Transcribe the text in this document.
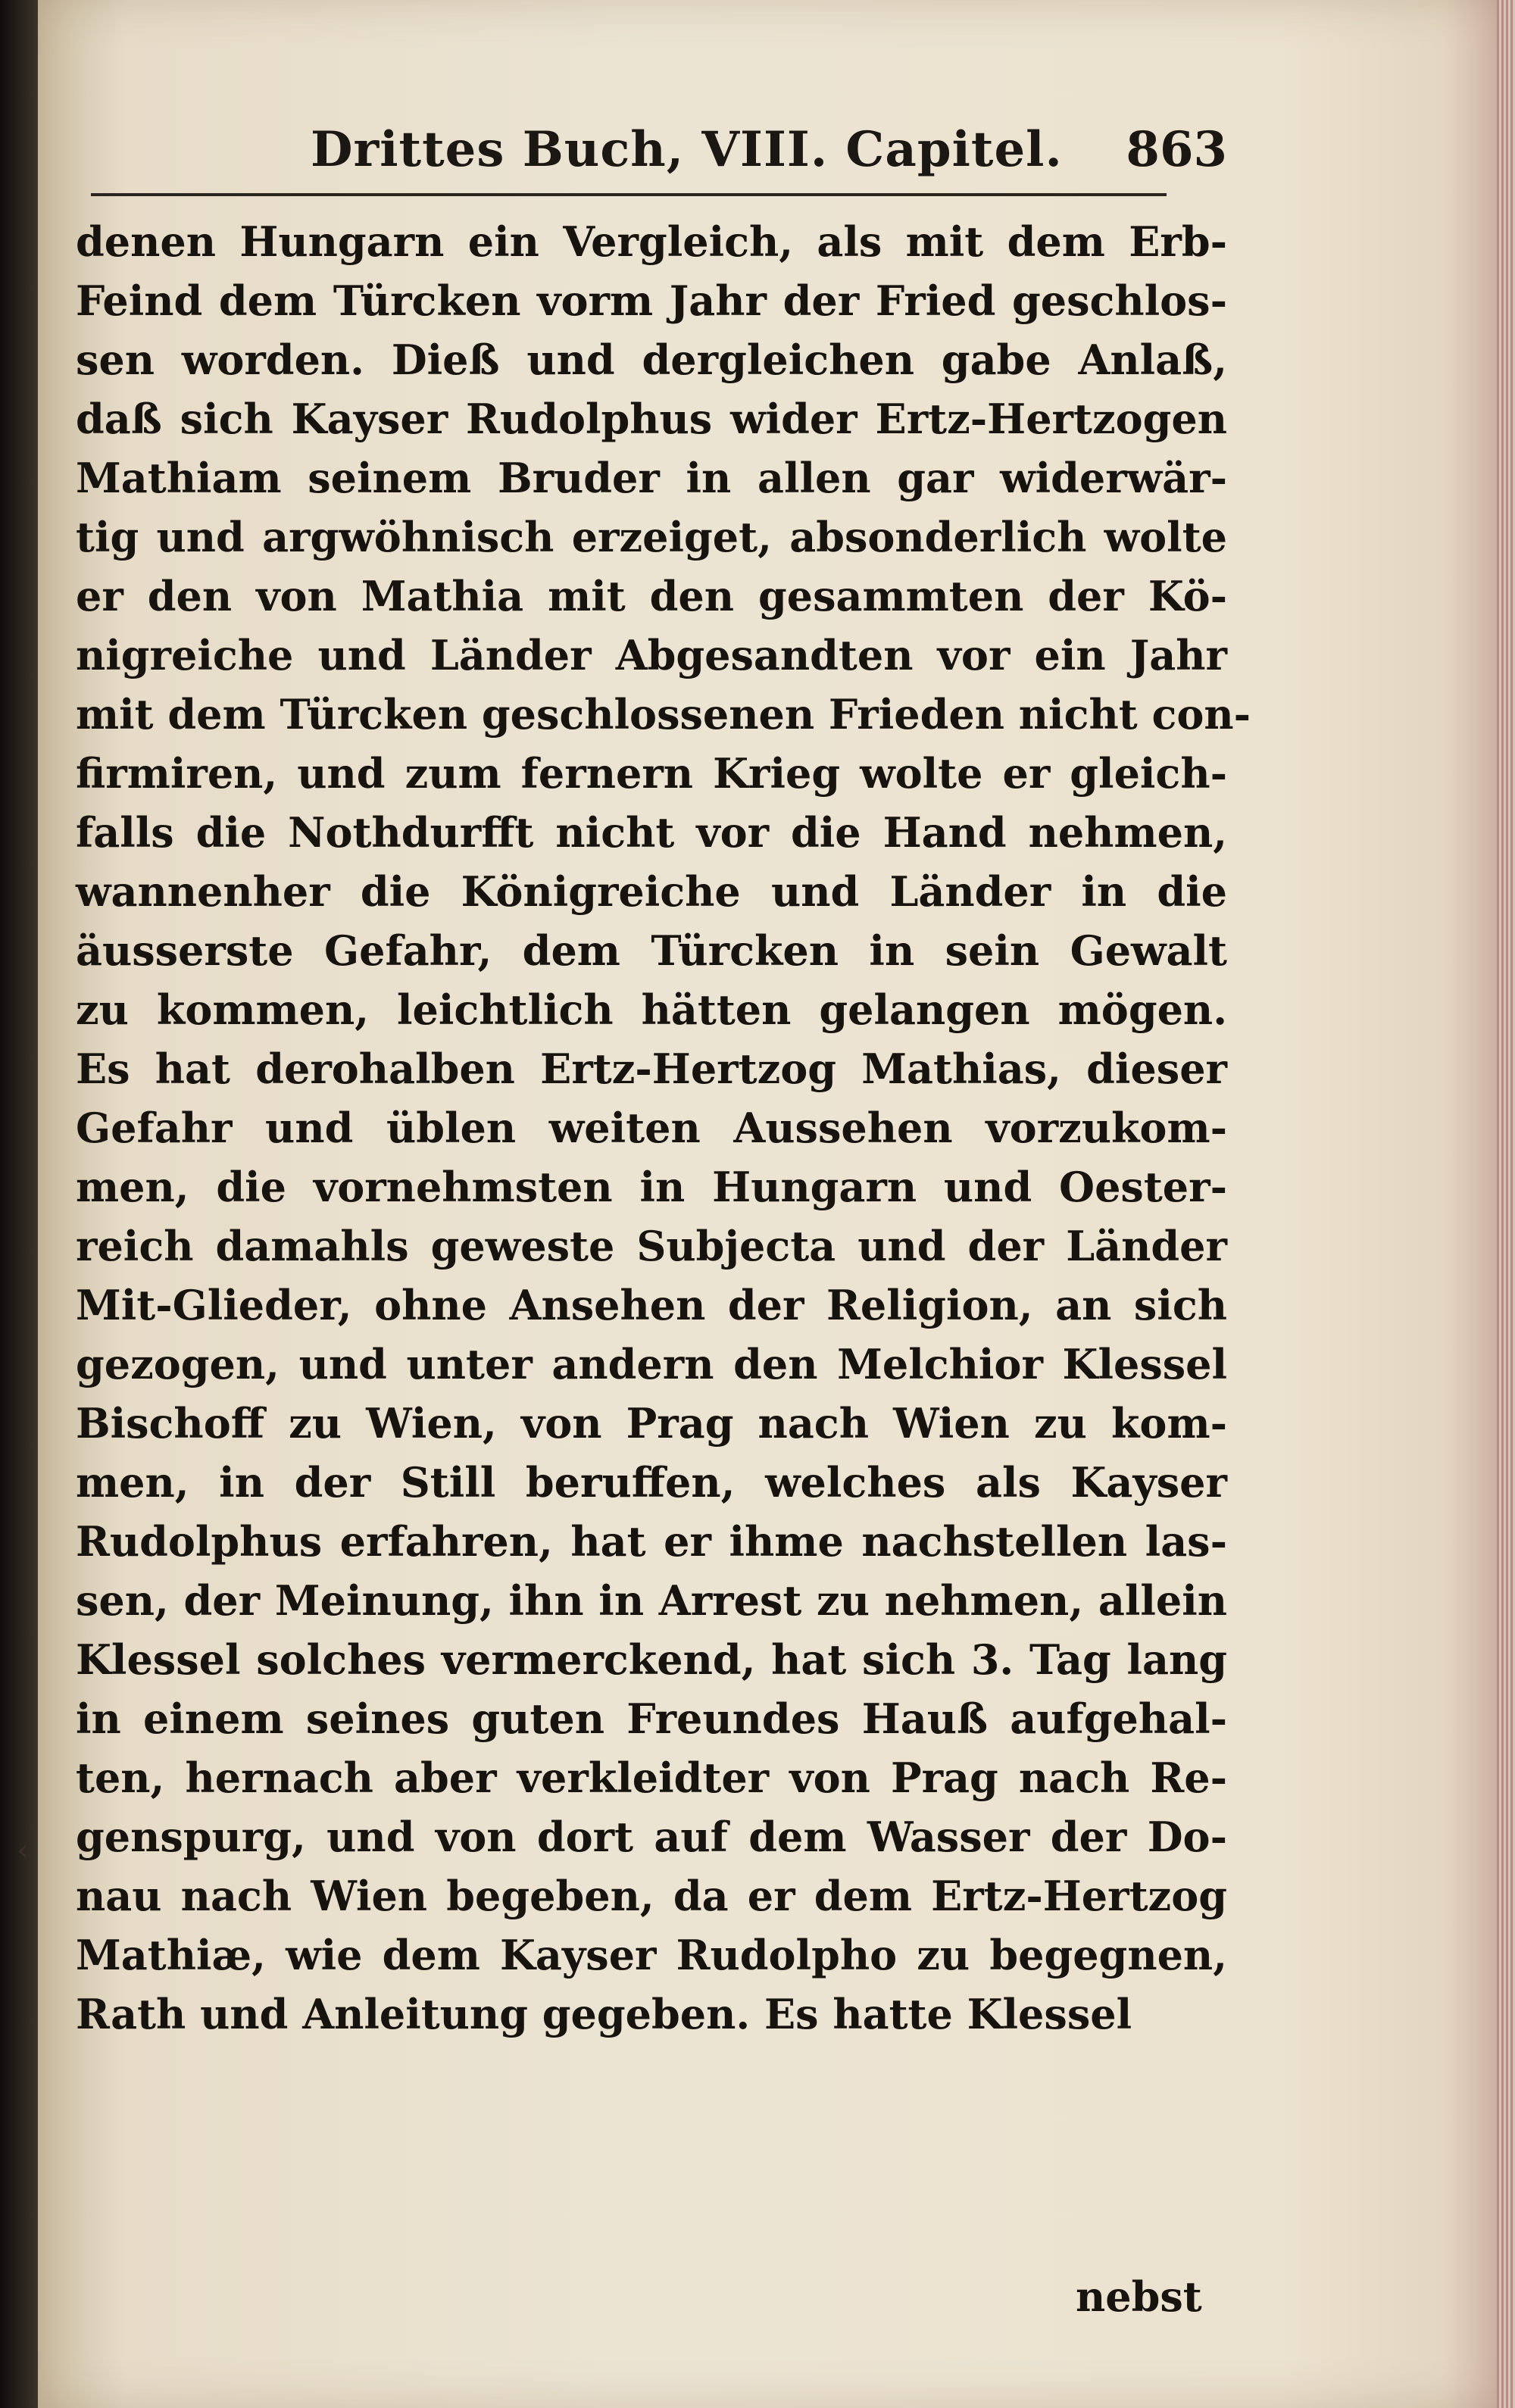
Drittes Buch, VIII. Capitel. 863
denen Hungarn ein Vergleich, als mit dem Erb-
Feind dem Türcken vorm Jahr der Fried geschlos-
sen worden. Dieß und dergleichen gabe Anlaß,
daß sich Kayser Rudolphus wider Ertz-Hertzogen
Mathiam seinem Bruder in allen gar widerwär-
tig und argwöhnisch erzeiget, absonderlich wolte
er den von Mathia mit den gesammten der Kö-
nigreiche und Länder Abgesandten vor ein Jahr
mit dem Türcken geschlossenen Frieden nicht con-
firmiren, und zum fernern Krieg wolte er gleich-
falls die Nothdurfft nicht vor die Hand nehmen,
wannenher die Königreiche und Länder in die
äusserste Gefahr, dem Türcken in sein Gewalt
zu kommen, leichtlich hätten gelangen mögen.
Es hat derohalben Ertz-Hertzog Mathias, dieser
Gefahr und üblen weiten Aussehen vorzukom-
men, die vornehmsten in Hungarn und Oester-
reich damahls geweste Subjecta und der Länder
Mit-Glieder, ohne Ansehen der Religion, an sich
gezogen, und unter andern den Melchior Klessel
Bischoff zu Wien, von Prag nach Wien zu kom-
men, in der Still beruffen, welches als Kayser
Rudolphus erfahren, hat er ihme nachstellen las-
sen, der Meinung, ihn in Arrest zu nehmen, allein
Klessel solches vermerckend, hat sich 3. Tag lang
in einem seines guten Freundes Hauß aufgehal-
ten, hernach aber verkleidter von Prag nach Re-
genspurg, und von dort auf dem Wasser der Do-
nau nach Wien begeben, da er dem Ertz-Hertzog
Mathiæ, wie dem Kayser Rudolpho zu begegnen,
Rath und Anleitung gegeben. Es hatte Klessel
nebst
‹
